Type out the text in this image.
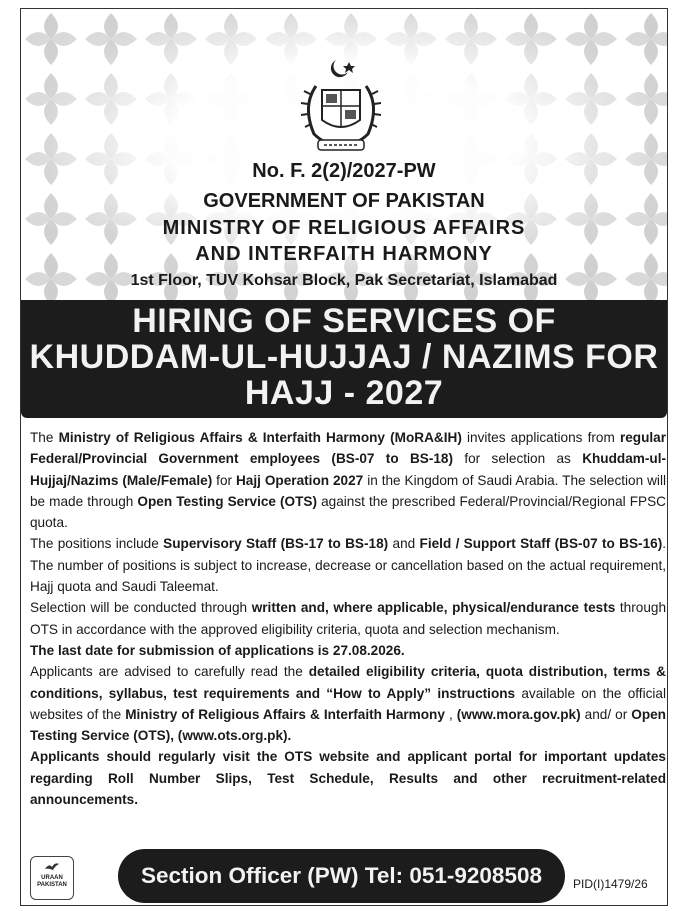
No. F. 2(2)/2027-PW

GOVERNMENT OF PAKISTAN

MINISTRY OF RELIGIOUS AFFAIRS

AND INTERFAITH HARMONY

1st Floor, TUV Kohsar Block, Pak Secretariat, Islamabad

HIRING OF SERVICES OF

KHUDDAM-UL-HUJJAJ / NAZIMS FOR

HAJJ - 2027

The Ministry of Religious Affairs & Interfaith Harmony (MoRA&IH) invites applications from regular Federal/Provincial Government employees (BS-07 to BS-18) for selection as Khuddam-ul-Hujjaj/Nazims (Male/Female) for Hajj Operation 2027 in the Kingdom of Saudi Arabia. The selection will be made through Open Testing Service (OTS) against the prescribed Federal/Provincial/Regional FPSC quota.

The positions include Supervisory Staff (BS-17 to BS-18) and Field / Support Staff (BS-07 to BS-16). The number of positions is subject to increase, decrease or cancellation based on the actual requirement, Hajj quota and Saudi Taleemat.

Selection will be conducted through written and, where applicable, physical/endurance tests through OTS in accordance with the approved eligibility criteria, quota and selection mechanism.

The last date for submission of applications is 27.08.2026.

Applicants are advised to carefully read the detailed eligibility criteria, quota distribution, terms & conditions, syllabus, test requirements and “How to Apply” instructions available on the official websites of the Ministry of Religious Affairs & Interfaith Harmony , (www.mora.gov.pk) and/ or Open Testing Service (OTS), (www.ots.org.pk).

Applicants should regularly visit the OTS website and applicant portal for important updates regarding Roll Number Slips, Test Schedule, Results and other recruitment-related announcements.

URAAN
PAKISTAN	Section Officer (PW) Tel: 051-9208508	PID(I)1479/26
